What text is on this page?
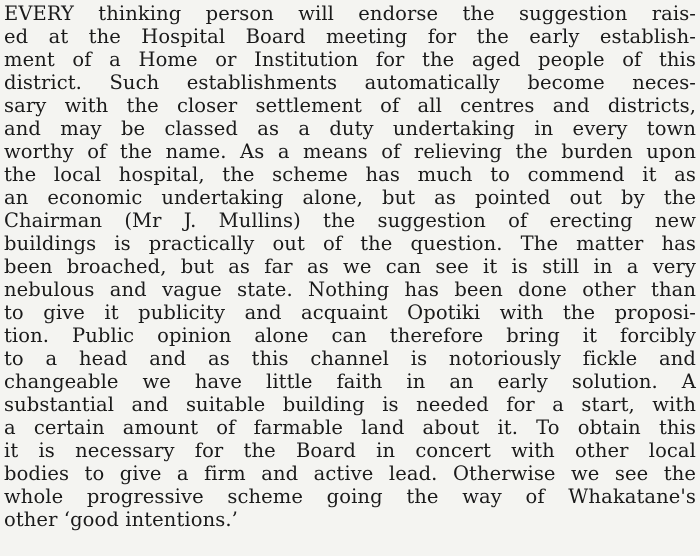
EVERY thinking person will endorse the suggestion rais-
ed at the Hospital Board meeting for the early establish-
ment of a Home or Institution for the aged people of this
district. Such establishments automatically become neces-
sary with the closer settlement of all centres and districts,
and may be classed as a duty undertaking in every town
worthy of the name. As a means of relieving the burden upon
the local hospital, the scheme has much to commend it as
an economic undertaking alone, but as pointed out by the
Chairman (Mr J. Mullins) the suggestion of erecting new
buildings is practically out of the question. The matter has
been broached, but as far as we can see it is still in a very
nebulous and vague state. Nothing has been done other than
to give it publicity and acquaint Opotiki with the proposi-
tion. Public opinion alone can therefore bring it forcibly
to a head and as this channel is notoriously fickle and
changeable we have little faith in an early solution. A
substantial and suitable building is needed for a start, with
a certain amount of farmable land about it. To obtain this
it is necessary for the Board in concert with other local
bodies to give a firm and active lead. Otherwise we see the
whole progressive scheme going the way of Whakatane's
other ‘good intentions.’
